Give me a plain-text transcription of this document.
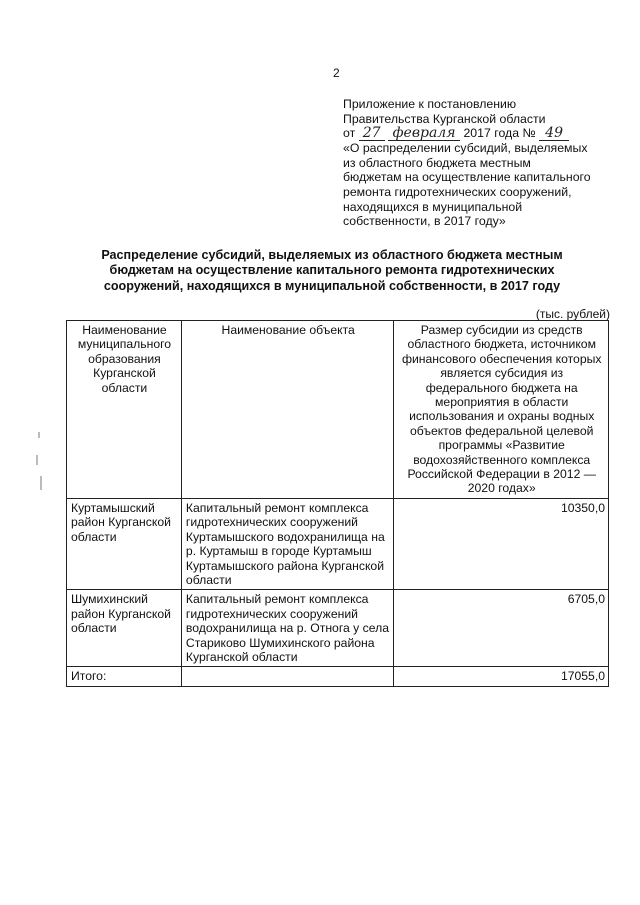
2
Приложение к постановлению
Правительства Курганской области
от 27 февраля 2017 года № 49
«О распределении субсидий, выделяемых
из областного бюджета местным
бюджетам на осуществление капитального
ремонта гидротехнических сооружений,
находящихся в муниципальной
собственности, в 2017 году»
Распределение субсидий, выделяемых из областного бюджета местным
бюджетам на осуществление капитального ремонта гидротехнических
сооружений, находящихся в муниципальной собственности, в 2017 году
(тыс. рублей)
Наименование муниципального образования Курганской области	Наименование объекта	Размер субсидии из средств областного бюджета, источником финансового обеспечения которых является субсидия из федерального бюджета на мероприятия в области использования и охраны водных объектов федеральной целевой программы «Развитие водохозяйственного комплекса Российской Федерации в 2012 — 2020 годах»
Куртамышский район Курганской области	Капитальный ремонт комплекса гидротехнических сооружений Куртамышского водохранилища на р. Куртамыш в городе Куртамыш Куртамышского района Курганской области	10350,0
Шумихинский район Курганской области	Капитальный ремонт комплекса гидротехнических сооружений водохранилища на р. Отнога у села Стариково Шумихинского района Курганской области	6705,0
Итого:		17055,0
